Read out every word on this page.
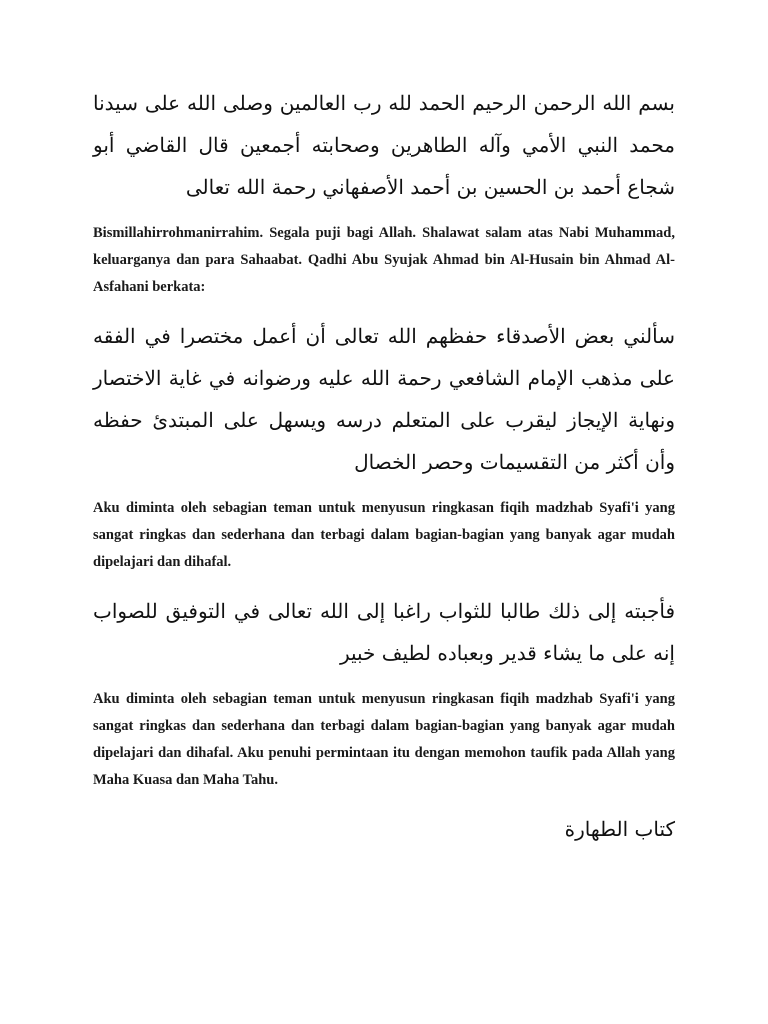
بسم الله الرحمن الرحيم الحمد لله رب العالمين وصلى الله على سيدنا محمد النبي الأمي وآله الطاهرين وصحابته أجمعين قال القاضي أبو شجاع أحمد بن الحسين بن أحمد الأصفهاني رحمة الله تعالى

Bismillahirrohmanirrahim. Segala puji bagi Allah. Shalawat salam atas Nabi Muhammad, keluarganya dan para Sahaabat. Qadhi Abu Syujak Ahmad bin Al-Husain bin Ahmad Al-Asfahani berkata:

سألني بعض الأصدقاء حفظهم الله تعالى أن أعمل مختصرا في الفقه على مذهب الإمام الشافعي رحمة الله عليه ورضوانه في غاية الاختصار ونهاية الإيجاز ليقرب على المتعلم درسه ويسهل على المبتدئ حفظه وأن أكثر من التقسيمات وحصر الخصال

Aku diminta oleh sebagian teman untuk menyusun ringkasan fiqih madzhab Syafi'i yang sangat ringkas dan sederhana dan terbagi dalam bagian-bagian yang banyak agar mudah dipelajari dan dihafal.

فأجبته إلى ذلك طالبا للثواب راغبا إلى الله تعالى في التوفيق للصواب إنه على ما يشاء قدير وبعباده لطيف خبير

Aku diminta oleh sebagian teman untuk menyusun ringkasan fiqih madzhab Syafi'i yang sangat ringkas dan sederhana dan terbagi dalam bagian-bagian yang banyak agar mudah dipelajari dan dihafal. Aku penuhi permintaan itu dengan memohon taufik pada Allah yang Maha Kuasa dan Maha Tahu.

كتاب الطهارة
